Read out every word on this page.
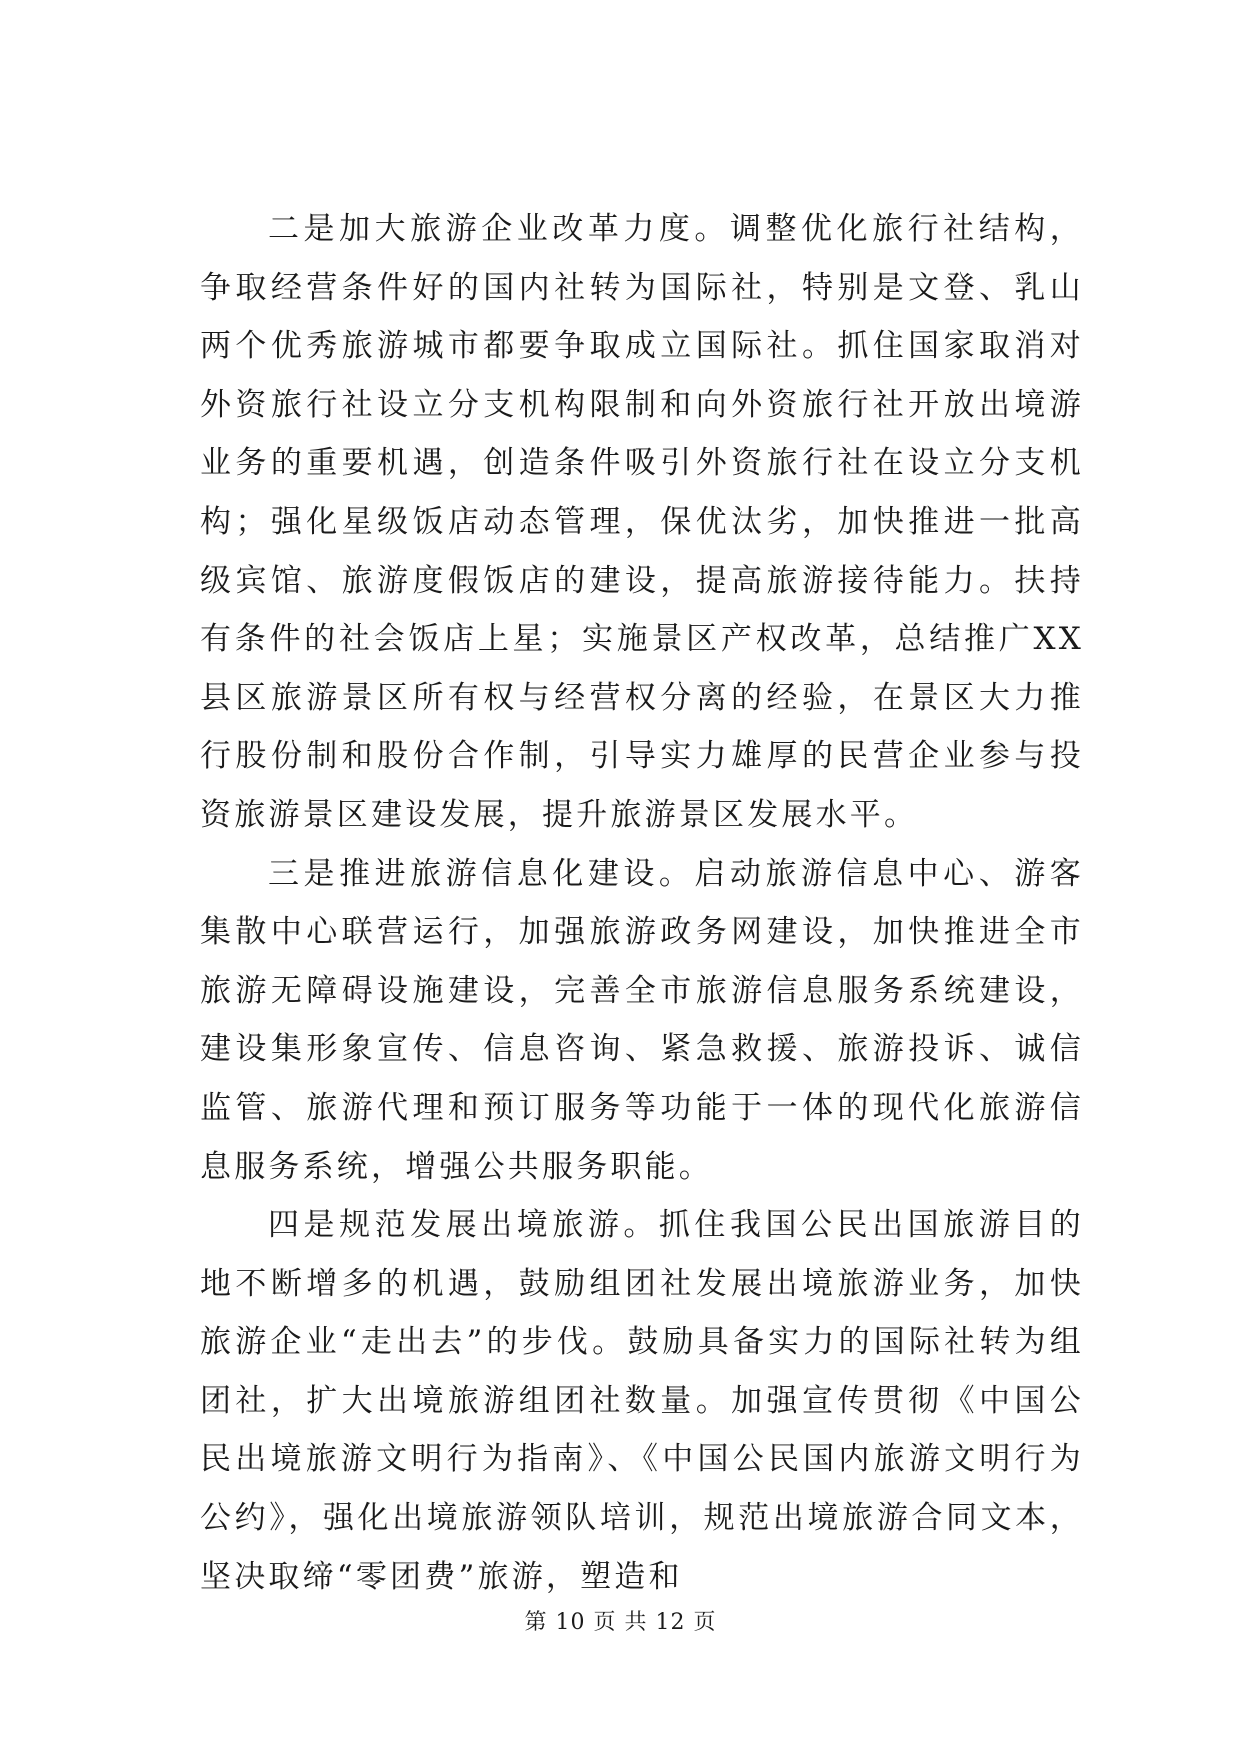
二是加大旅游企业改革力度。调整优化旅行社结构，争取经营条件好的国内社转为国际社，特别是文登、乳山两个优秀旅游城市都要争取成立国际社。抓住国家取消对外资旅行社设立分支机构限制和向外资旅行社开放出境游业务的重要机遇，创造条件吸引外资旅行社在设立分支机构；强化星级饭店动态管理，保优汰劣，加快推进一批高级宾馆、旅游度假饭店的建设，提高旅游接待能力。扶持有条件的社会饭店上星；实施景区产权改革，总结推广XX县区旅游景区所有权与经营权分离的经验，在景区大力推行股份制和股份合作制，引导实力雄厚的民营企业参与投资旅游景区建设发展，提升旅游景区发展水平。

三是推进旅游信息化建设。启动旅游信息中心、游客集散中心联营运行，加强旅游政务网建设，加快推进全市旅游无障碍设施建设，完善全市旅游信息服务系统建设，建设集形象宣传、信息咨询、紧急救援、旅游投诉、诚信监管、旅游代理和预订服务等功能于一体的现代化旅游信息服务系统，增强公共服务职能。

四是规范发展出境旅游。抓住我国公民出国旅游目的地不断增多的机遇，鼓励组团社发展出境旅游业务，加快旅游企业“走出去”的步伐。鼓励具备实力的国际社转为组团社，扩大出境旅游组团社数量。加强宣传贯彻《中国公民出境旅游文明行为指南》、《中国公民国内旅游文明行为公约》，强化出境旅游领队培训，规范出境旅游合同文本，坚决取缔“零团费”旅游，塑造和

第 10 页 共 12 页
